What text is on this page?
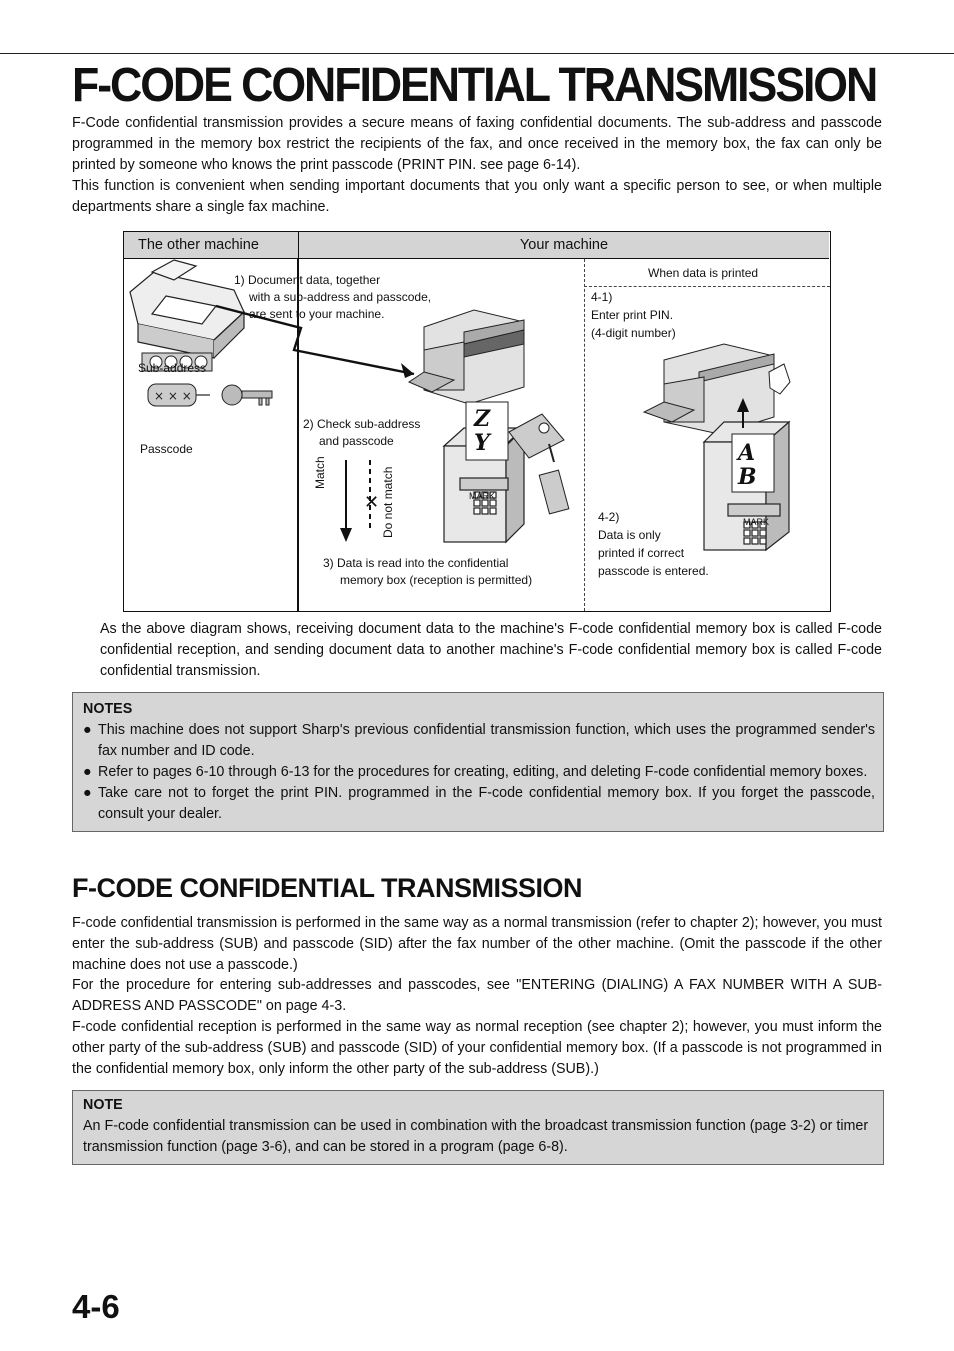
F-CODE CONFIDENTIAL TRANSMISSION

F-Code confidential transmission provides a secure means of faxing confidential documents. The sub-address and passcode programmed in the memory box restrict the recipients of the fax, and once received in the memory box, the fax can only be printed by someone who knows the print passcode (PRINT PIN. see page 6-14).

This function is convenient when sending important documents that you only want a specific person to see, or when multiple departments share a single fax machine.

The other machine	Your machine
× × ×
Z
Y
✕
A
B
When data is printed
1) Document data, together
with a sub-address and passcode,
are sent to your machine.
Sub-address
Passcode
2) Check sub-address
and passcode
Match	Do not match	MARK
MARK
3) Data is read into the confidential
memory box (reception is permitted)
4-1)
Enter print PIN.
(4-digit number)
4-2)
Data is only
printed if correct
passcode is entered.

As the above diagram shows, receiving document data to the machine's F-code confidential memory box is called F-code confidential reception, and sending document data to another machine's F-code confidential memory box is called F-code confidential transmission.

NOTES
● This machine does not support Sharp's previous confidential transmission function, which uses the programmed sender's fax number and ID code.
● Refer to pages 6-10 through 6-13 for the procedures for creating, editing, and deleting F-code confidential memory boxes.
● Take care not to forget the print PIN. programmed in the F-code confidential memory box. If you forget the passcode, consult your dealer.
F-CODE CONFIDENTIAL TRANSMISSION

F-code confidential transmission is performed in the same way as a normal transmission (refer to chapter 2); however, you must enter the sub-address (SUB) and passcode (SID) after the fax number of the other machine. (Omit the passcode if the other machine does not use a passcode.)

For the procedure for entering sub-addresses and passcodes, see "ENTERING (DIALING) A FAX NUMBER WITH A SUB-ADDRESS AND PASSCODE" on page 4-3.

F-code confidential reception is performed in the same way as normal reception (see chapter 2); however, you must inform the other party of the sub-address (SUB) and passcode (SID) of your confidential memory box. (If a passcode is not programmed in the confidential memory box, only inform the other party of the sub-address (SUB).)

NOTE
An F-code confidential transmission can be used in combination with the broadcast transmission function (page 3-2) or timer transmission function (page 3-6), and can be stored in a program (page 6-8).
4-6
